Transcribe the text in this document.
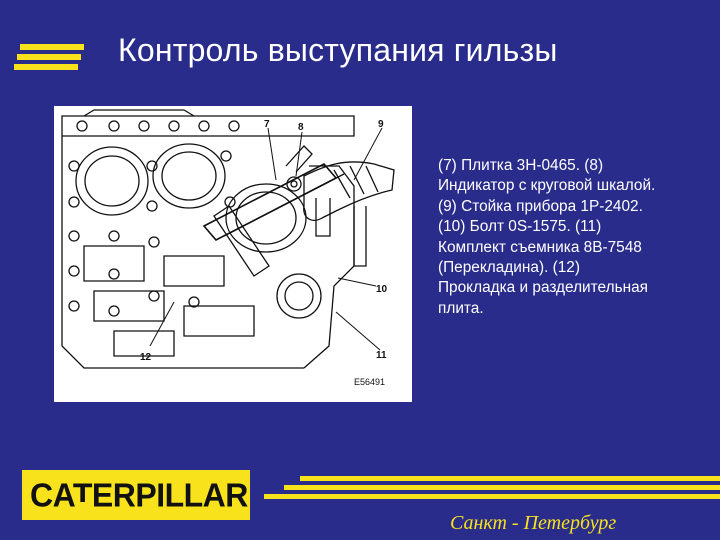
Контроль выступания гильзы
7	8	9
10
11
12
E56491
(7) Плитка 3Н-0465. (8)
Индикатор с круговой шкалой.
(9) Стойка прибора 1Р-2402.
(10) Болт 0S-1575. (11)
Комплект съемника 8В-7548
(Перекладина). (12)
Прокладка и разделительная
плита.
CATERPILLAR
Санкт - Петербург
